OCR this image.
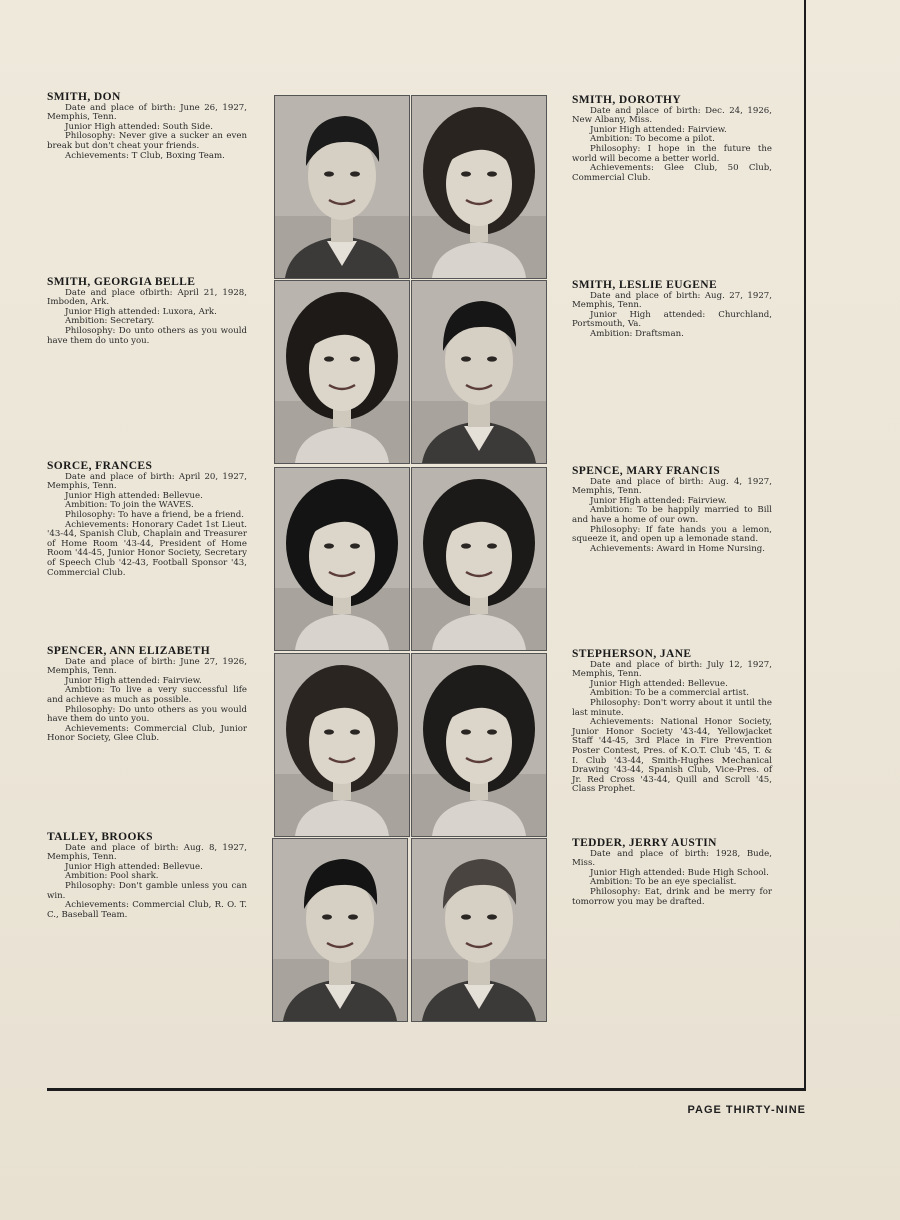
PAGE THIRTY-NINE
SMITH, DON
Date and place of birth: June 26, 1927, Memphis, Tenn.
Junior High attended: South Side.
Philosophy: Never give a sucker an even break but don't cheat your friends.
Achievements: T Club, Boxing Team.
SMITH, DOROTHY
Date and place of birth: Dec. 24, 1926, New Albany, Miss.
Junior High attended: Fairview.
Ambition: To become a pilot.
Philosophy: I hope in the future the world will become a better world.
Achievements: Glee Club, 50 Club, Commercial Club.
SMITH, GEORGIA BELLE
Date and place ofbirth: April 21, 1928, Imboden, Ark.
Junior High attended: Luxora, Ark.
Ambition: Secretary.
Philosophy: Do unto others as you would have them do unto you.
SMITH, LESLIE EUGENE
Date and place of birth: Aug. 27, 1927, Memphis, Tenn.
Junior High attended: Churchland, Portsmouth, Va.
Ambition: Draftsman.
SORCE, FRANCES
Date and place of birth: April 20, 1927, Memphis, Tenn.
Junior High attended: Bellevue.
Ambition: To join the WAVES.
Philosophy: To have a friend, be a friend.
Achievements: Honorary Cadet 1st Lieut. '43-44, Spanish Club, Chaplain and Treasurer of Home Room '43-44, President of Home Room '44-45, Junior Honor Society, Secretary of Speech Club '42-43, Football Sponsor '43, Commercial Club.
SPENCE, MARY FRANCIS
Date and place of birth: Aug. 4, 1927, Memphis, Tenn.
Junior High attended: Fairview.
Ambition: To be happily married to Bill and have a home of our own.
Philosophy: If fate hands you a lemon, squeeze it, and open up a lemonade stand.
Achievements: Award in Home Nursing.
SPENCER, ANN ELIZABETH
Date and place of birth: June 27, 1926, Memphis, Tenn.
Junior High attended: Fairview.
Ambtion: To live a very successful life and achieve as much as possible.
Philosophy: Do unto others as you would have them do unto you.
Achievements: Commercial Club, Junior Honor Society, Glee Club.
STEPHERSON, JANE
Date and place of birth: July 12, 1927, Memphis, Tenn.
Junior High attended: Bellevue.
Ambition: To be a commercial artist.
Philosophy: Don't worry about it until the last minute.
Achievements: National Honor Society, Junior Honor Society '43-44, Yellowjacket Staff '44-45, 3rd Place in Fire Prevention Poster Contest, Pres. of K.O.T. Club '45, T. & I. Club '43-44, Smith-Hughes Mechanical Drawing '43-44, Spanish Club, Vice-Pres. of Jr. Red Cross '43-44, Quill and Scroll '45, Class Prophet.
TALLEY, BROOKS
Date and place of birth: Aug. 8, 1927, Memphis, Tenn.
Junior High attended: Bellevue.
Ambition: Pool shark.
Philosophy: Don't gamble unless you can win.
Achievements: Commercial Club, R. O. T. C., Baseball Team.
TEDDER, JERRY AUSTIN
Date and place of birth: 1928, Bude, Miss.
Junior High attended: Bude High School.
Ambition: To be an eye specialist.
Philosophy: Eat, drink and be merry for tomorrow you may be drafted.
